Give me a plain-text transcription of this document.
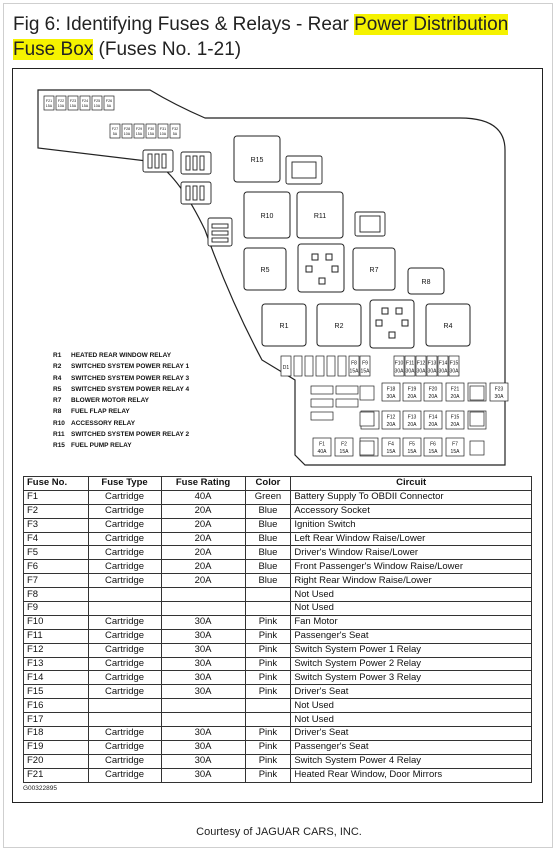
Fig 6: Identifying Fuses & Relays - Rear Power Distribution
Fuse Box (Fuses No. 1-21)
F21
15A
F22
10A
F23
15A
F24
15A
F25
10A
F26
5A
F27
5A
F28
10A
F29
15A
F30
15A
F31
10A
F32
5A
R15
R10	R11
R5	R7
R8
R1	R2	R4
D1
F8
15A
F9
15A
F10
30A
F11
30A
F12
30A
F13
30A
F14
30A
F15
30A
F18
30A
F19
20A
F20
20A
F21
20A
F23
30A
F12
20A
F13
20A
F14
20A
F15
20A
F1
40A
F2
15A
F4
15A
F5
15A
F6
15A
F7
15A
R1 HEATED REAR WINDOW RELAY
R2 SWITCHED SYSTEM POWER RELAY 1
R4 SWITCHED SYSTEM POWER RELAY 3
R5 SWITCHED SYSTEM POWER RELAY 4
R7 BLOWER MOTOR RELAY
R8 FUEL FLAP RELAY
R10 ACCESSORY RELAY
R11 SWITCHED SYSTEM POWER RELAY 2
R15 FUEL PUMP RELAY
Fuse No.	Fuse Type	Fuse Rating	Color	Circuit
F1	Cartridge	40A	Green	Battery Supply To OBDII Connector
F2	Cartridge	20A	Blue	Accessory Socket
F3	Cartridge	20A	Blue	Ignition Switch
F4	Cartridge	20A	Blue	Left Rear Window Raise/Lower
F5	Cartridge	20A	Blue	Driver's Window Raise/Lower
F6	Cartridge	20A	Blue	Front Passenger's Window Raise/Lower
F7	Cartridge	20A	Blue	Right Rear Window Raise/Lower
F8				Not Used
F9				Not Used
F10	Cartridge	30A	Pink	Fan Motor
F11	Cartridge	30A	Pink	Passenger's Seat
F12	Cartridge	30A	Pink	Switch System Power 1 Relay
F13	Cartridge	30A	Pink	Switch System Power 2 Relay
F14	Cartridge	30A	Pink	Switch System Power 3 Relay
F15	Cartridge	30A	Pink	Driver's Seat
F16				Not Used
F17				Not Used
F18	Cartridge	30A	Pink	Driver's Seat
F19	Cartridge	30A	Pink	Passenger's Seat
F20	Cartridge	30A	Pink	Switch System Power 4 Relay
F21	Cartridge	30A	Pink	Heated Rear Window, Door Mirrors
G00322895
Courtesy of JAGUAR CARS, INC.
